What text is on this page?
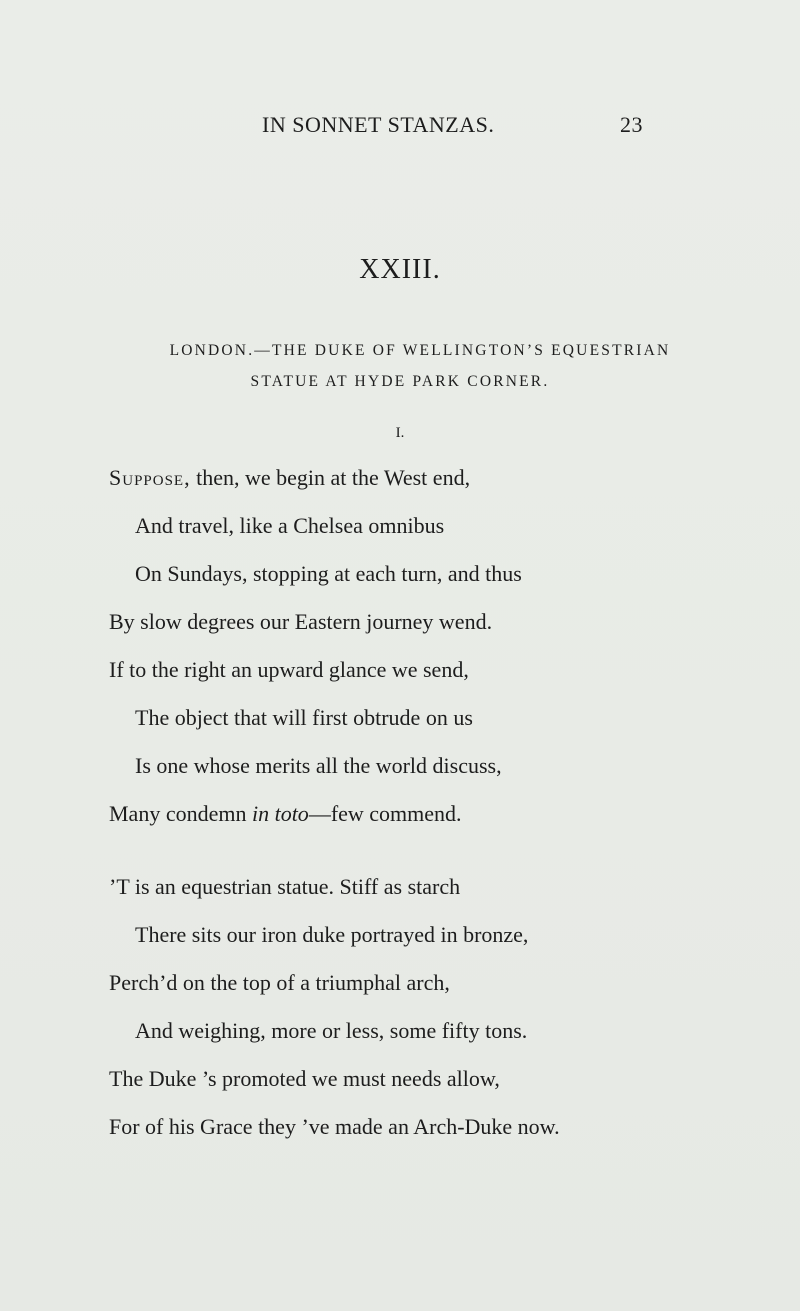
IN SONNET STANZAS.	23
XXIII.
LONDON.—THE DUKE OF WELLINGTON’S EQUESTRIAN
STATUE AT HYDE PARK CORNER.
I.
Suppose, then, we begin at the West end,
And travel, like a Chelsea omnibus
On Sundays, stopping at each turn, and thus
By slow degrees our Eastern journey wend.
If to the right an upward glance we send,
The object that will first obtrude on us
Is one whose merits all the world discuss,
Many condemn in toto—few commend.
’T is an equestrian statue. Stiff as starch
There sits our iron duke portrayed in bronze,
Perch’d on the top of a triumphal arch,
And weighing, more or less, some fifty tons.
The Duke ’s promoted we must needs allow,
For of his Grace they ’ve made an Arch-Duke now.
